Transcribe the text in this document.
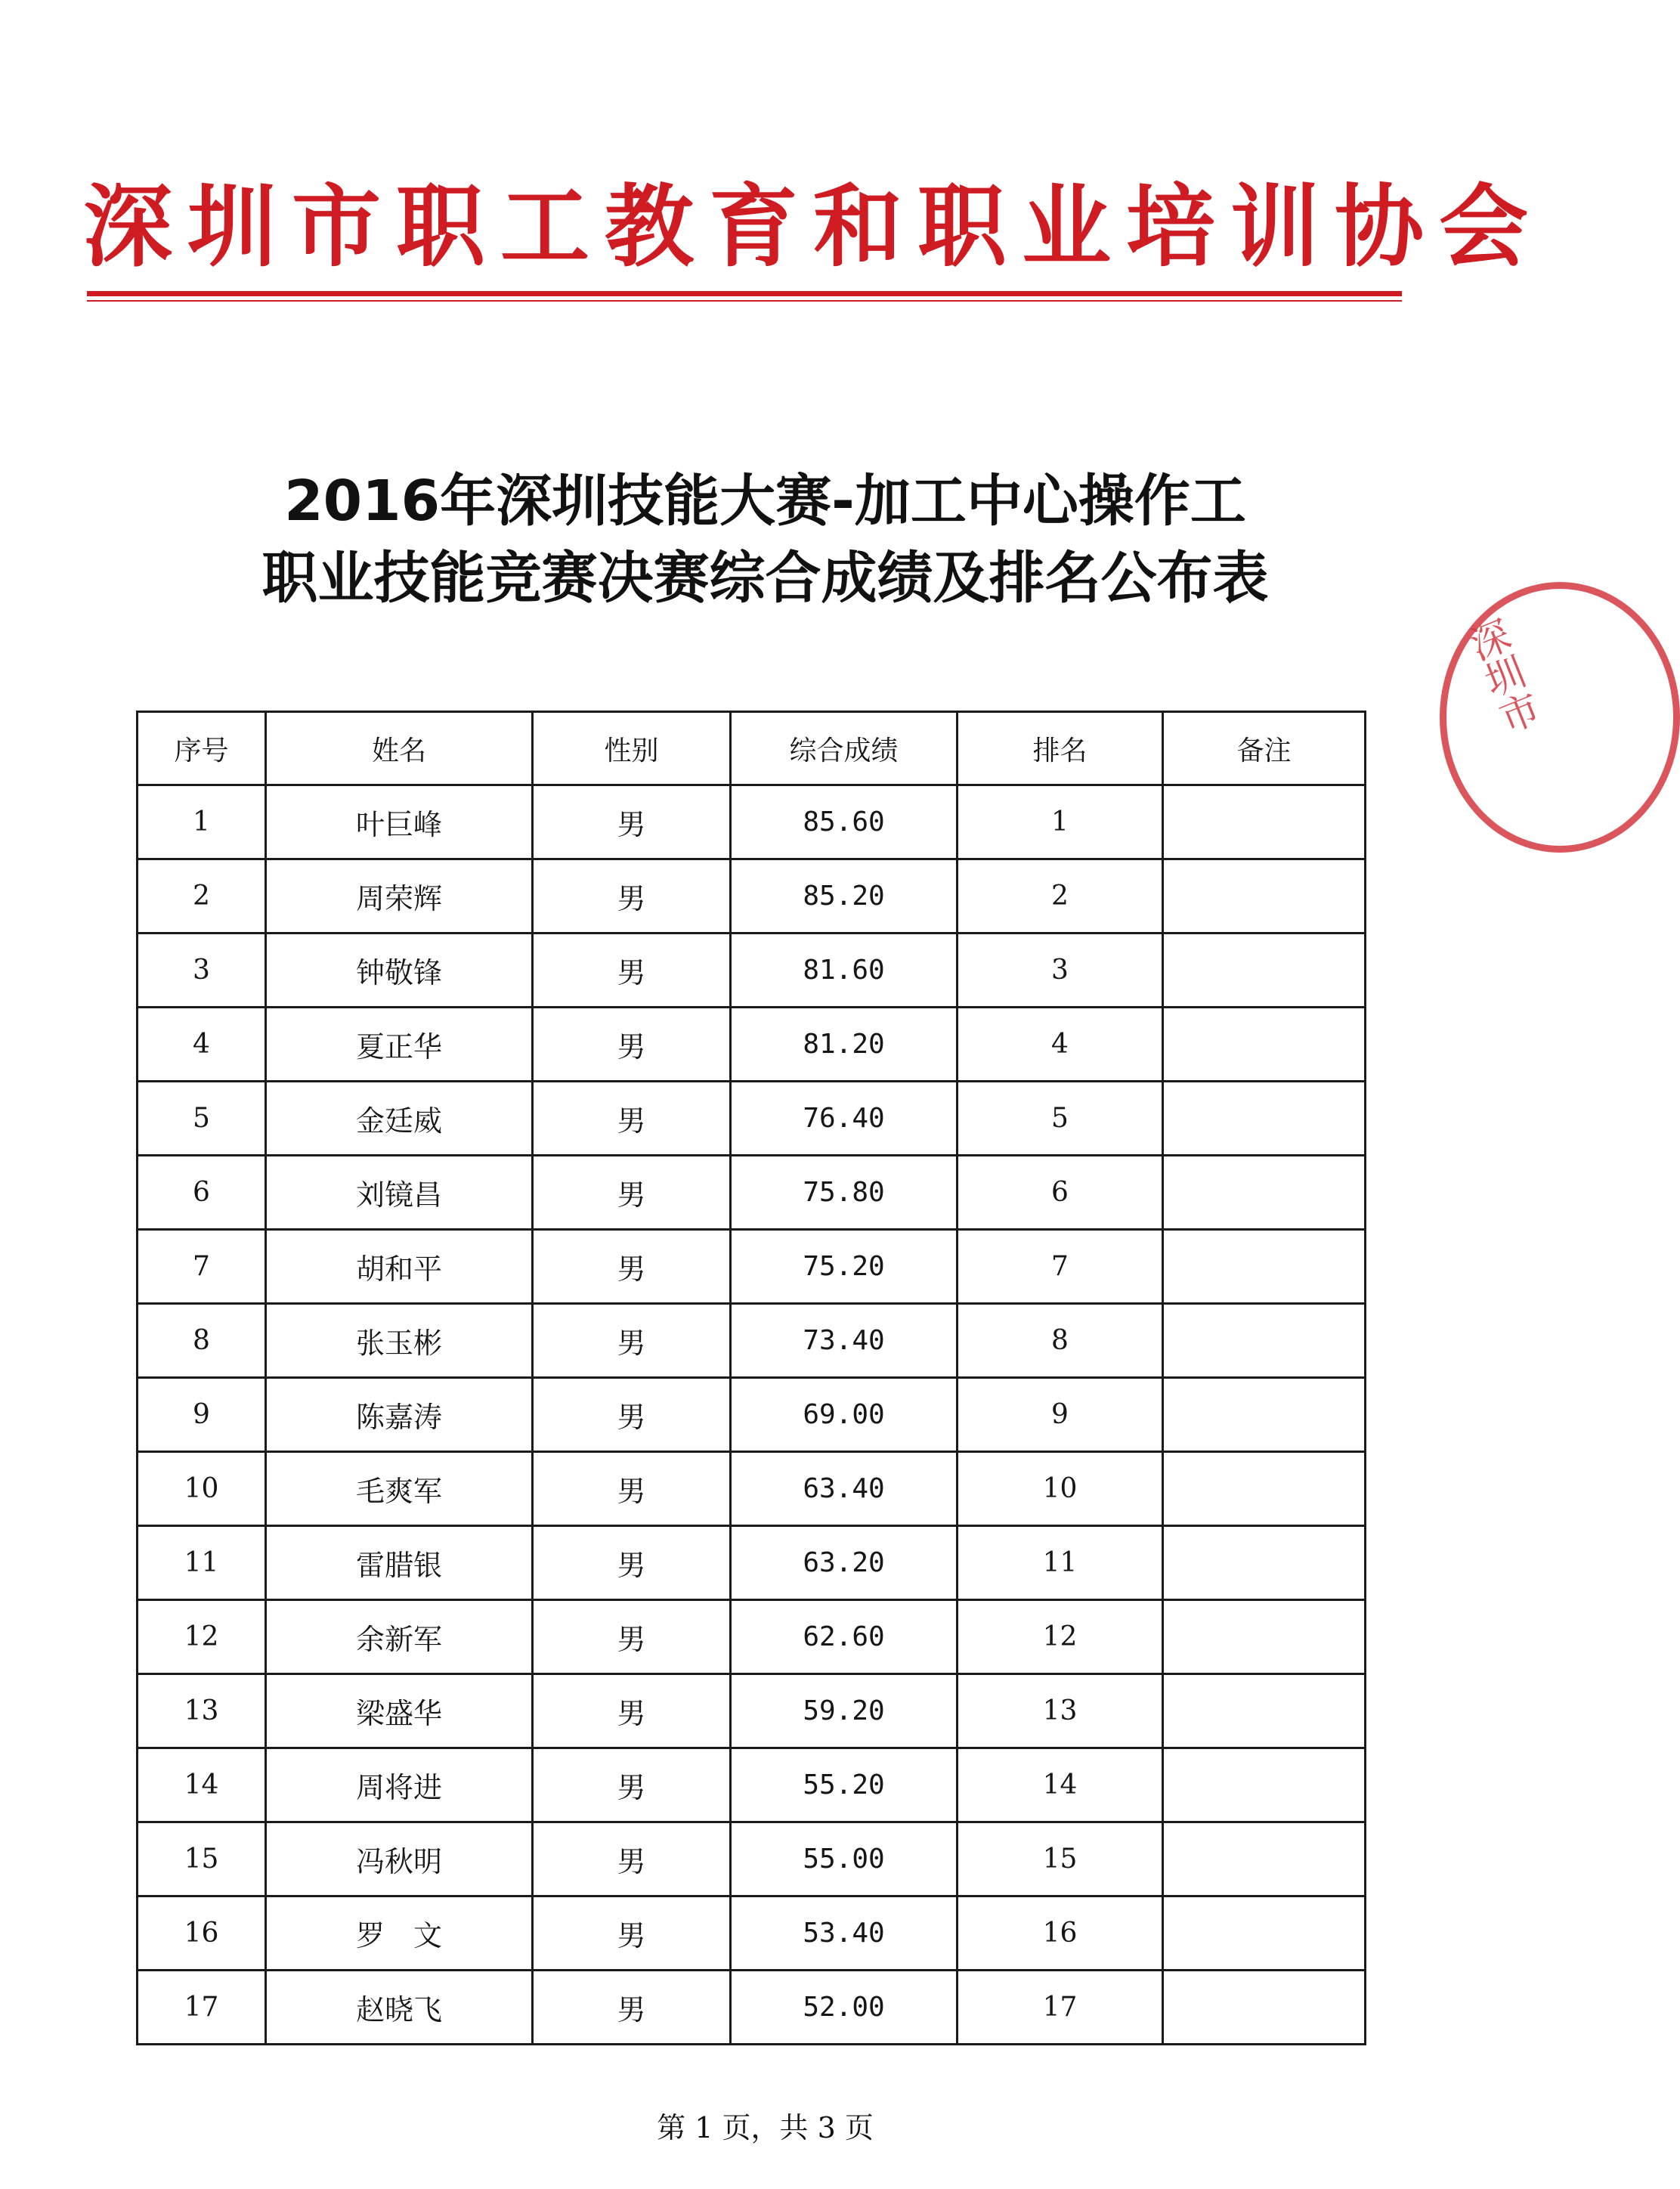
深圳市职工教育和职业培训协会
2016年深圳技能大赛-加工中心操作工
职业技能竞赛决赛综合成绩及排名公布表
深圳市
序号	姓名	性别	综合成绩	排名	备注
1	叶巨峰	男	85.60	1	
2	周荣辉	男	85.20	2	
3	钟敬锋	男	81.60	3	
4	夏正华	男	81.20	4	
5	金廷威	男	76.40	5	
6	刘镜昌	男	75.80	6	
7	胡和平	男	75.20	7	
8	张玉彬	男	73.40	8	
9	陈嘉涛	男	69.00	9	
10	毛爽军	男	63.40	10	
11	雷腊银	男	63.20	11	
12	余新军	男	62.60	12	
13	梁盛华	男	59.20	13	
14	周将进	男	55.20	14	
15	冯秋明	男	55.00	15	
16	罗　文	男	53.40	16	
17	赵晓飞	男	52.00	17	
第 1 页，共 3 页
